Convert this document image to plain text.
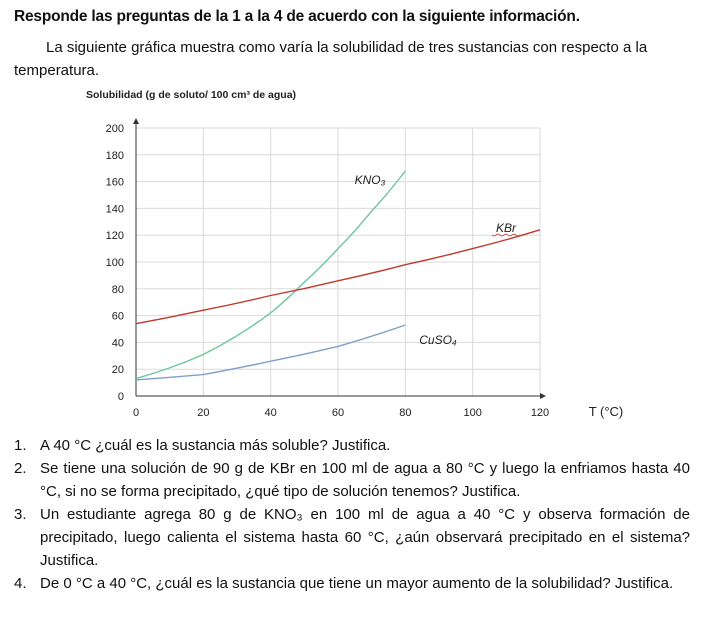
Responde las preguntas de la 1 a la 4 de acuerdo con la siguiente información.
La siguiente gráfica muestra como varía la solubilidad de tres sustancias con respecto a la temperatura.
Solubilidad (g de soluto/ 100 cm³ de agua)
0
20
40
60
80
100
120
140
160
180
200
0	20	40	60	80	100	120	T (°C)
KNO₃
KBr
CuSO₄
1. A 40 °C ¿cuál es la sustancia más soluble? Justifica.
2. Se tiene una solución de 90 g de KBr en 100 ml de agua a 80 °C y luego la enfriamos hasta 40 °C, si no se forma precipitado, ¿qué tipo de solución tenemos? Justifica.
3. Un estudiante agrega 80 g de KNO₃ en 100 ml de agua a 40 °C y observa formación de precipitado, luego calienta el sistema hasta 60 °C, ¿aún observará precipitado en el sistema? Justifica.
4. De 0 °C a 40 °C, ¿cuál es la sustancia que tiene un mayor aumento de la solubilidad? Justifica.
